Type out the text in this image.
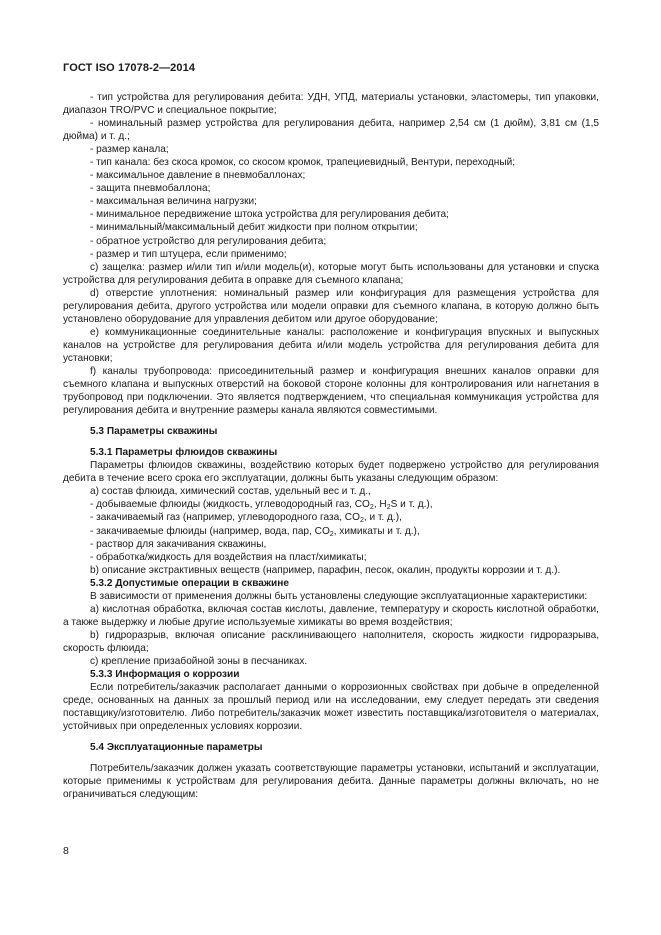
ГОСТ ISO 17078-2—2014

- тип устройства для регулирования дебита: УДН, УПД, материалы установки, эластомеры, тип упаковки, диапазон TRO/PVC и специальное покрытие;

- номинальный размер устройства для регулирования дебита, например 2,54 см (1 дюйм), 3,81 см (1,5 дюйма) и т. д.;

- размер канала;

- тип канала: без скоса кромок, со скосом кромок, трапециевидный, Вентури, переходный;

- максимальное давление в пневмобаллонах;

- защита пневмобаллона;

- максимальная величина нагрузки;

- минимальное передвижение штока устройства для регулирования дебита;

- минимальный/максимальный дебит жидкости при полном открытии;

- обратное устройство для регулирования дебита;

- размер и тип штуцера, если применимо;

c) защелка: размер и/или тип и/или модель(и), которые могут быть использованы для установки и спуска устройства для регулирования дебита в оправке для съемного клапана;

d) отверстие уплотнения: номинальный размер или конфигурация для размещения устройства для регулирования дебита, другого устройства или модели оправки для съемного клапана, в которую должно быть установлено оборудование для управления дебитом или другое оборудование;

e) коммуникационные соединительные каналы: расположение и конфигурация впускных и выпускных каналов на устройстве для регулирования дебита и/или модель устройства для регулирования дебита для установки;

f) каналы трубопровода: присоединительный размер и конфигурация внешних каналов оправки для съемного клапана и выпускных отверстий на боковой стороне колонны для контролирования или нагнетания в трубопровод при подключении. Это является подтверждением, что специальная коммуникация устройства для регулирования дебита и внутренние размеры канала являются совместимыми.

5.3 Параметры скважины

5.3.1 Параметры флюидов скважины

Параметры флюидов скважины, воздействию которых будет подвержено устройство для регулирования дебита в течение всего срока его эксплуатации, должны быть указаны следующим образом:

a) состав флюида, химический состав, удельный вес и т. д.,

- добываемые флюиды (жидкость, углеводородный газ, $CO_2$, $H_2S$ и т. д.),

- закачиваемый газ (например, углеводородного газа, $CO_2$, и т. д.),

- закачиваемые флюиды (например, вода, пар, $CO_2$, химикаты и т. д.),

- раствор для закачивания скважины,

- обработка/жидкость для воздействия на пласт/химикаты;

b) описание экстрактивных веществ (например, парафин, песок, окалин, продукты коррозии и т. д.).

5.3.2 Допустимые операции в скважине

В зависимости от применения должны быть установлены следующие эксплуатационные характеристики:

a) кислотная обработка, включая состав кислоты, давление, температуру и скорость кислотной обработки, а также выдержку и любые другие используемые химикаты во время воздействия;

b) гидроразрыв, включая описание расклинивающего наполнителя, скорость жидкости гидроразрыва, скорость флюида;

c) крепление призабойной зоны в песчаниках.

5.3.3 Информация о коррозии

Если потребитель/заказчик располагает данными о коррозионных свойствах при добыче в определенной среде, основанных на данных за прошлый период или на исследовании, ему следует передать эти сведения поставщику/изготовителю. Либо потребитель/заказчик может известить поставщика/изготовителя о материалах, устойчивых при определенных условиях коррозии.

5.4 Эксплуатационные параметры

Потребитель/заказчик должен указать соответствующие параметры установки, испытаний и эксплуатации, которые применимы к устройствам для регулирования дебита. Данные параметры должны включать, но не ограничиваться следующим:

8
